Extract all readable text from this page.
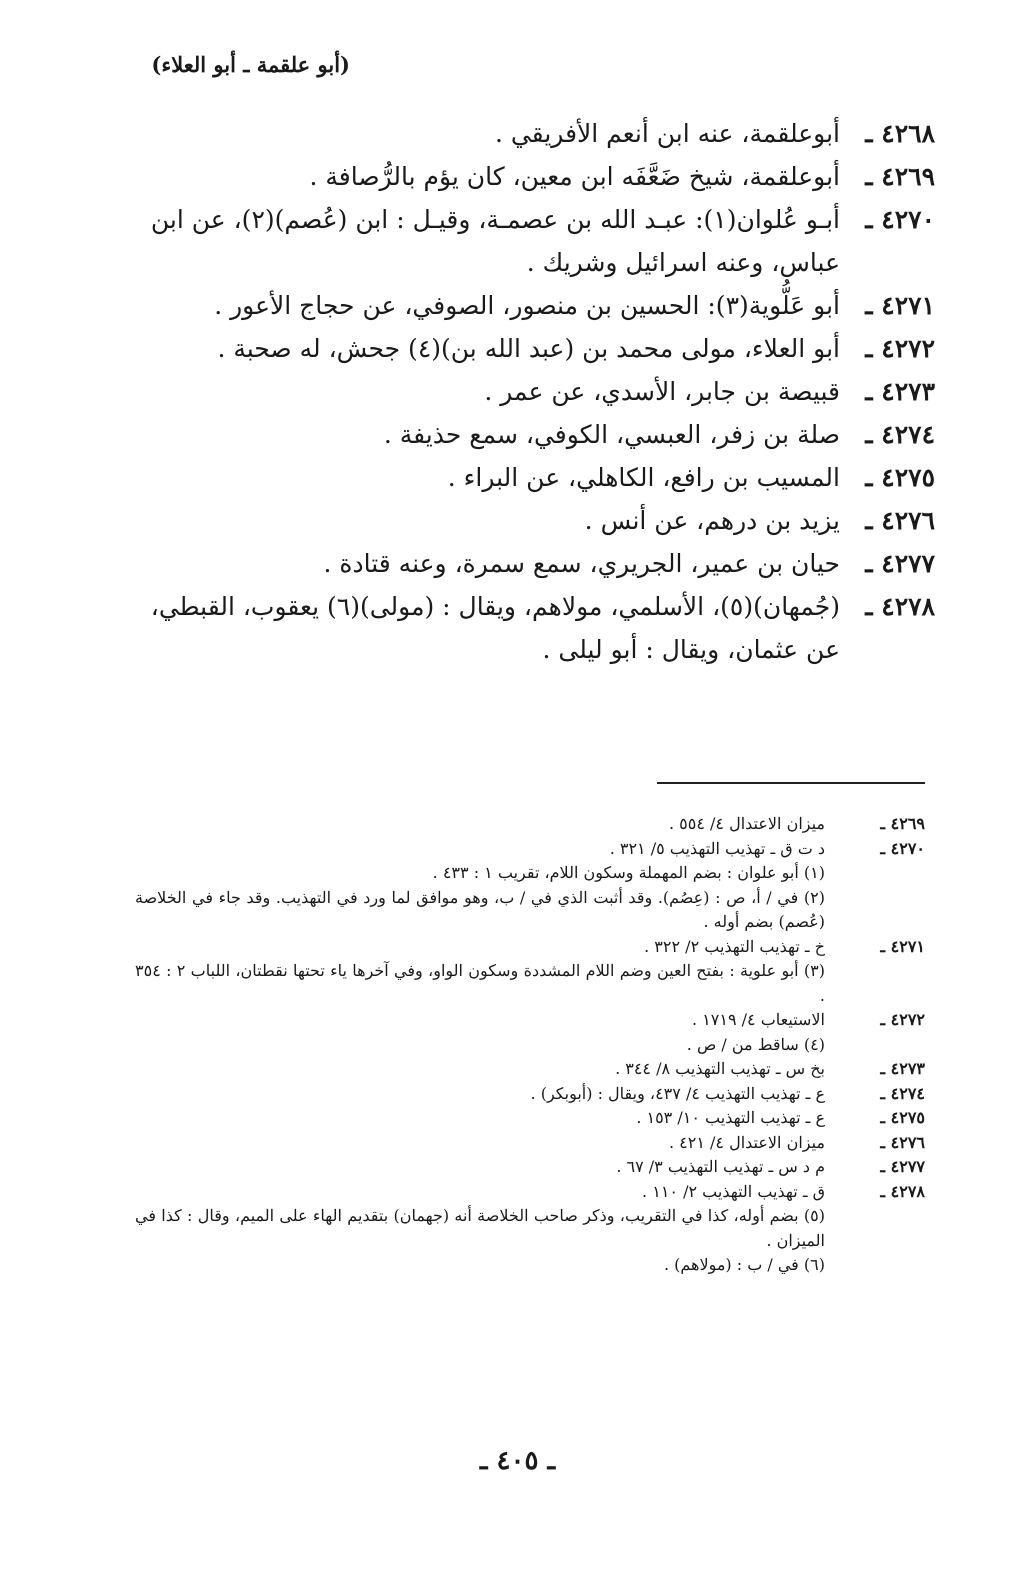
(أبو علقمة ـ أبو العلاء)
٤٢٦٨ ـ
أبوعلقمة، عنه ابن أنعم الأفريقي .
٤٢٦٩ ـ
أبوعلقمة، شيخ ضَعَّفَه ابن معين، كان يؤم بالرُّصافة .
٤٢٧٠ ـ
أبـو عُلوان(١): عبـد الله بن عصمـة، وقيـل : ابن (عُصم)(٢)، عن ابن عباس، وعنه اسرائيل وشريك .
٤٢٧١ ـ
أبو عَلُّوية(٣): الحسين بن منصور، الصوفي، عن حجاج الأعور .
٤٢٧٢ ـ
أبو العلاء، مولى محمد بن (عبد الله بن)(٤) جحش، له صحبة .
٤٢٧٣ ـ
قبيصة بن جابر، الأسدي، عن عمر .
٤٢٧٤ ـ
صلة بن زفر، العبسي، الكوفي، سمع حذيفة .
٤٢٧٥ ـ
المسيب بن رافع، الكاهلي، عن البراء .
٤٢٧٦ ـ
يزيد بن درهم، عن أنس .
٤٢٧٧ ـ
حيان بن عمير، الجريري، سمع سمرة، وعنه قتادة .
٤٢٧٨ ـ
(جُمهان)(٥)، الأسلمي، مولاهم، ويقال : (مولى)(٦) يعقوب، القبطي، عن عثمان، ويقال : أبو ليلى .
٤٢٦٩ ـ
ميزان الاعتدال ٤/ ٥٥٤ .
٤٢٧٠ ـ
د ت ق ـ تهذيب التهذيب ٥/ ٣٢١ .
(١) أبو علوان : بضم المهملة وسكون اللام، تقريب ١ : ٤٣٣ .
(٢) في / أ، ص : (عِصُم). وقد أثبت الذي في / ب، وهو موافق لما ورد في التهذيب. وقد جاء في الخلاصة (عُصم) بضم أوله .
٤٢٧١ ـ
خ ـ تهذيب التهذيب ٢/ ٣٢٢ .
(٣) أبو علوية : بفتح العين وضم اللام المشددة وسكون الواو، وفي آخرها ياء تحتها نقطتان، اللباب ٢ : ٣٥٤ .
٤٢٧٢ ـ
الاستيعاب ٤/ ١٧١٩ .
(٤) ساقط من / ص .
٤٢٧٣ ـ
بخ س ـ تهذيب التهذيب ٨/ ٣٤٤ .
٤٢٧٤ ـ
ع ـ تهذيب التهذيب ٤/ ٤٣٧، ويقال : (أبوبكر) .
٤٢٧٥ ـ
ع ـ تهذيب التهذيب ١٠/ ١٥٣ .
٤٢٧٦ ـ
ميزان الاعتدال ٤/ ٤٢١ .
٤٢٧٧ ـ
م د س ـ تهذيب التهذيب ٣/ ٦٧ .
٤٢٧٨ ـ
ق ـ تهذيب التهذيب ٢/ ١١٠ .
(٥) بضم أوله، كذا في التقريب، وذكر صاحب الخلاصة أنه (جهمان) بتقديم الهاء على الميم، وقال : كذا في الميزان .
(٦) في / ب : (مولاهم) .
ـ ٤٠٥ ـ
